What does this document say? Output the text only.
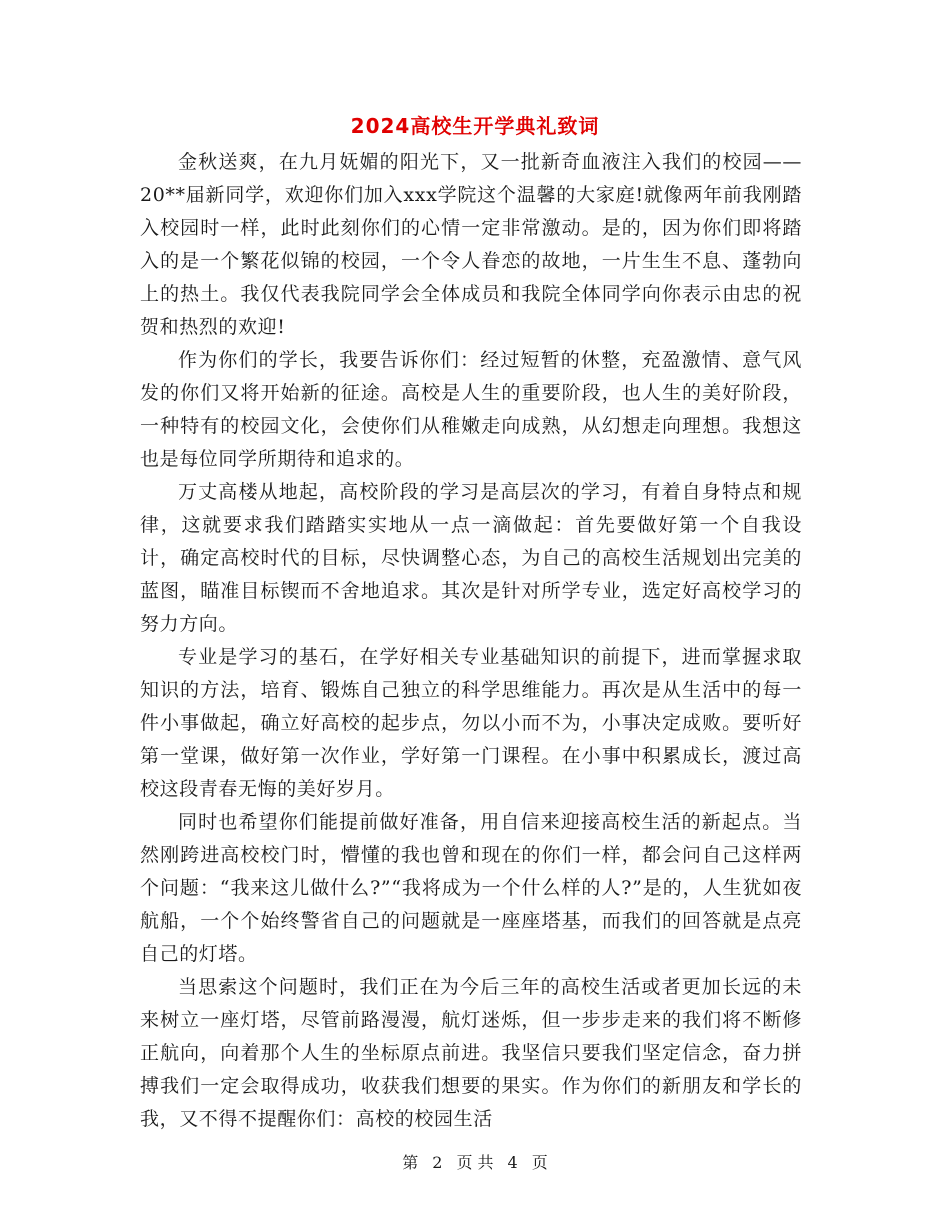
2024高校生开学典礼致词

金秋送爽，在九月妩媚的阳光下，又一批新奇血液注入我们的校园——20**届新同学，欢迎你们加入xxx学院这个温馨的大家庭!就像两年前我刚踏入校园时一样，此时此刻你们的心情一定非常激动。是的，因为你们即将踏入的是一个繁花似锦的校园，一个令人眷恋的故地，一片生生不息、蓬勃向上的热土。我仅代表我院同学会全体成员和我院全体同学向你表示由忠的祝贺和热烈的欢迎!

作为你们的学长，我要告诉你们：经过短暂的休整，充盈激情、意气风发的你们又将开始新的征途。高校是人生的重要阶段，也人生的美好阶段，一种特有的校园文化，会使你们从稚嫩走向成熟，从幻想走向理想。我想这也是每位同学所期待和追求的。

万丈高楼从地起，高校阶段的学习是高层次的学习，有着自身特点和规律，这就要求我们踏踏实实地从一点一滴做起：首先要做好第一个自我设计，确定高校时代的目标，尽快调整心态，为自己的高校生活规划出完美的蓝图，瞄准目标锲而不舍地追求。其次是针对所学专业，选定好高校学习的努力方向。

专业是学习的基石，在学好相关专业基础知识的前提下，进而掌握求取知识的方法，培育、锻炼自己独立的科学思维能力。再次是从生活中的每一件小事做起，确立好高校的起步点，勿以小而不为，小事决定成败。要听好第一堂课，做好第一次作业，学好第一门课程。在小事中积累成长，渡过高校这段青春无悔的美好岁月。

同时也希望你们能提前做好准备，用自信来迎接高校生活的新起点。当然刚跨进高校校门时，懵懂的我也曾和现在的你们一样，都会问自己这样两个问题：“我来这儿做什么?”“我将成为一个什么样的人?”是的，人生犹如夜航船，一个个始终警省自己的问题就是一座座塔基，而我们的回答就是点亮自己的灯塔。

当思索这个问题时，我们正在为今后三年的高校生活或者更加长远的未来树立一座灯塔，尽管前路漫漫，航灯迷烁，但一步步走来的我们将不断修正航向，向着那个人生的坐标原点前进。我坚信只要我们坚定信念，奋力拼搏我们一定会取得成功，收获我们想要的果实。作为你们的新朋友和学长的我，又不得不提醒你们：高校的校园生活

第 2 页 共 4 页
